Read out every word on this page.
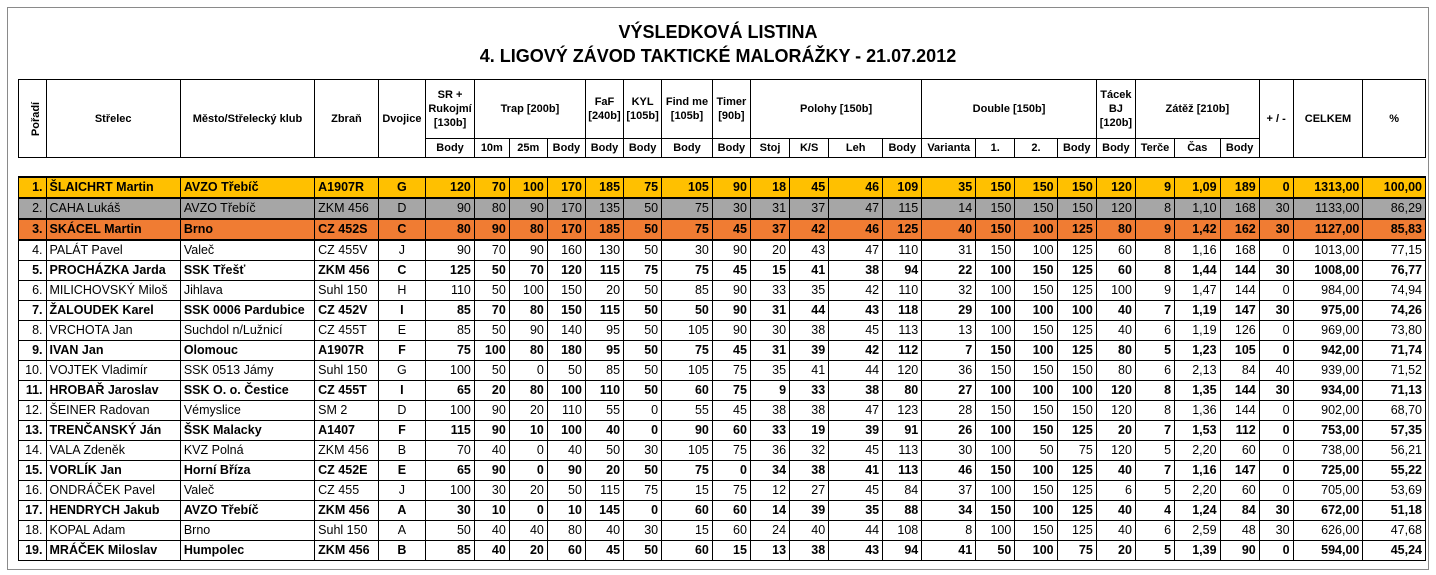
VÝSLEDKOVÁ LISTINA
4. LIGOVÝ ZÁVOD TAKTICKÉ MALORÁŽKY - 21.07.2012
Pořadí	Střelec	Město/Střelecký klub	Zbraň	Dvojice	SR + Rukojmí [130b]	Trap [200b]			FaF [240b]	KYL [105b]	Find me [105b]	Timer [90b]	Polohy [150b]				Double [150b]				Tácek BJ [120b]	Zátěž [210b]			+ / -	CELKEM	%
					Body	10m	25m	Body	Body	Body	Body	Body	Stoj	K/S	Leh	Body	Varianta	1.	2.	Body	Body	Terče	Čas	Body			

1.	ŠLAICHRT Martin	AVZO Třebíč	A1907R	G	120	70	100	170	185	75	105	90	18	45	46	109	35	150	150	150	120	9	1,09	189	0	1313,00	100,00
2.	CAHA Lukáš	AVZO Třebíč	ZKM 456	D	90	80	90	170	135	50	75	30	31	37	47	115	14	150	150	150	120	8	1,10	168	30	1133,00	86,29
3.	SKÁCEL Martin	Brno	CZ 452S	C	80	90	80	170	185	50	75	45	37	42	46	125	40	150	100	125	80	9	1,42	162	30	1127,00	85,83
4.	PALÁT Pavel	Valeč	CZ 455V	J	90	70	90	160	130	50	30	90	20	43	47	110	31	150	100	125	60	8	1,16	168	0	1013,00	77,15
5.	PROCHÁZKA Jarda	SSK Třešť	ZKM 456	C	125	50	70	120	115	75	75	45	15	41	38	94	22	100	150	125	60	8	1,44	144	30	1008,00	76,77
6.	MILICHOVSKÝ Miloš	Jihlava	Suhl 150	H	110	50	100	150	20	50	85	90	33	35	42	110	32	100	150	125	100	9	1,47	144	0	984,00	74,94
7.	ŽALOUDEK Karel	SSK 0006 Pardubice	CZ 452V	I	85	70	80	150	115	50	50	90	31	44	43	118	29	100	100	100	40	7	1,19	147	30	975,00	74,26
8.	VRCHOTA Jan	Suchdol n/Lužnicí	CZ 455T	E	85	50	90	140	95	50	105	90	30	38	45	113	13	100	150	125	40	6	1,19	126	0	969,00	73,80
9.	IVAN Jan	Olomouc	A1907R	F	75	100	80	180	95	50	75	45	31	39	42	112	7	150	100	125	80	5	1,23	105	0	942,00	71,74
10.	VOJTEK Vladimír	SSK 0513 Jámy	Suhl 150	G	100	50	0	50	85	50	105	75	35	41	44	120	36	150	150	150	80	6	2,13	84	40	939,00	71,52
11.	HROBAŘ Jaroslav	SSK O. o. Čestice	CZ 455T	I	65	20	80	100	110	50	60	75	9	33	38	80	27	100	100	100	120	8	1,35	144	30	934,00	71,13
12.	ŠEINER Radovan	Vémyslice	SM 2	D	100	90	20	110	55	0	55	45	38	38	47	123	28	150	150	150	120	8	1,36	144	0	902,00	68,70
13.	TRENČANSKÝ Ján	ŠSK Malacky	A1407	F	115	90	10	100	40	0	90	60	33	19	39	91	26	100	150	125	20	7	1,53	112	0	753,00	57,35
14.	VALA Zdeněk	KVZ Polná	ZKM 456	B	70	40	0	40	50	30	105	75	36	32	45	113	30	100	50	75	120	5	2,20	60	0	738,00	56,21
15.	VORLÍK Jan	Horní Bříza	CZ 452E	E	65	90	0	90	20	50	75	0	34	38	41	113	46	150	100	125	40	7	1,16	147	0	725,00	55,22
16.	ONDRÁČEK Pavel	Valeč	CZ 455	J	100	30	20	50	115	75	15	75	12	27	45	84	37	100	150	125	6	5	2,20	60	0	705,00	53,69
17.	HENDRYCH Jakub	AVZO Třebíč	ZKM 456	A	30	10	0	10	145	0	60	60	14	39	35	88	34	150	100	125	40	4	1,24	84	30	672,00	51,18
18.	KOPAL Adam	Brno	Suhl 150	A	50	40	40	80	40	30	15	60	24	40	44	108	8	100	150	125	40	6	2,59	48	30	626,00	47,68
19.	MRÁČEK Miloslav	Humpolec	ZKM 456	B	85	40	20	60	45	50	60	15	13	38	43	94	41	50	100	75	20	5	1,39	90	0	594,00	45,24
